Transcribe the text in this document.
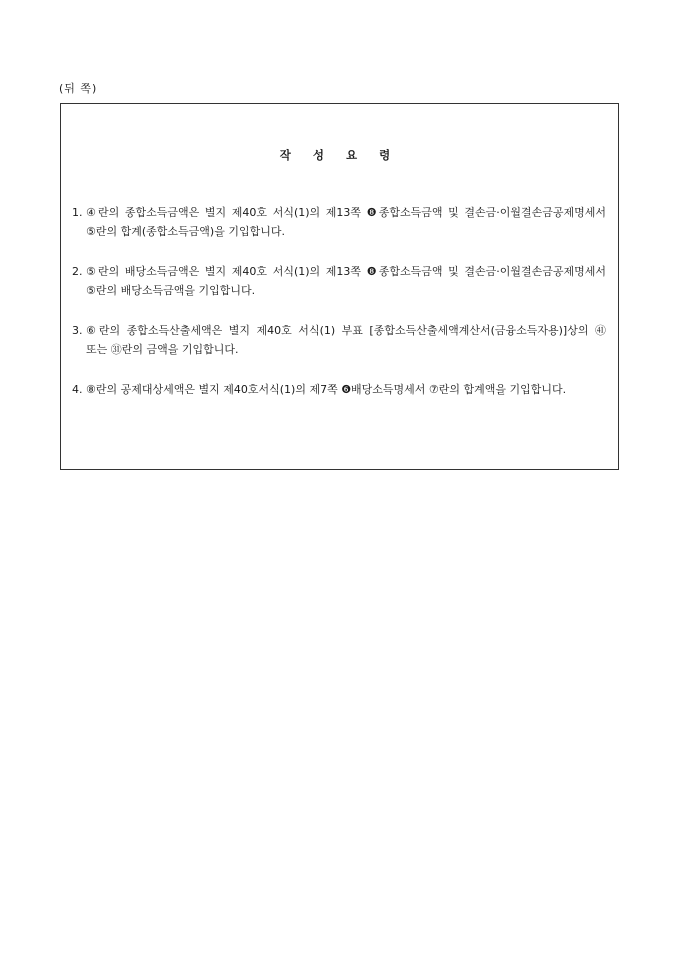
(뒤 쪽)
작 성 요 령
1. ④란의 종합소득금액은 별지 제40호 서식(1)의 제13쪽 ❽종합소득금액 및 결손금·이월결손금공제명세서 ⑤란의 합계(종합소득금액)을 기입합니다.
2. ⑤란의 배당소득금액은 별지 제40호 서식(1)의 제13쪽 ❽종합소득금액 및 결손금·이월결손금공제명세서 ⑤란의 배당소득금액을 기입합니다.
3. ⑥란의 종합소득산출세액은 별지 제40호 서식(1) 부표 [종합소득산출세액계산서(금융소득자용)]상의 ㊶ 또는 ㉛란의 금액을 기입합니다.
4. ⑧란의 공제대상세액은 별지 제40호서식(1)의 제7쪽 ❻배당소득명세서 ⑦란의 합계액을 기입합니다.
